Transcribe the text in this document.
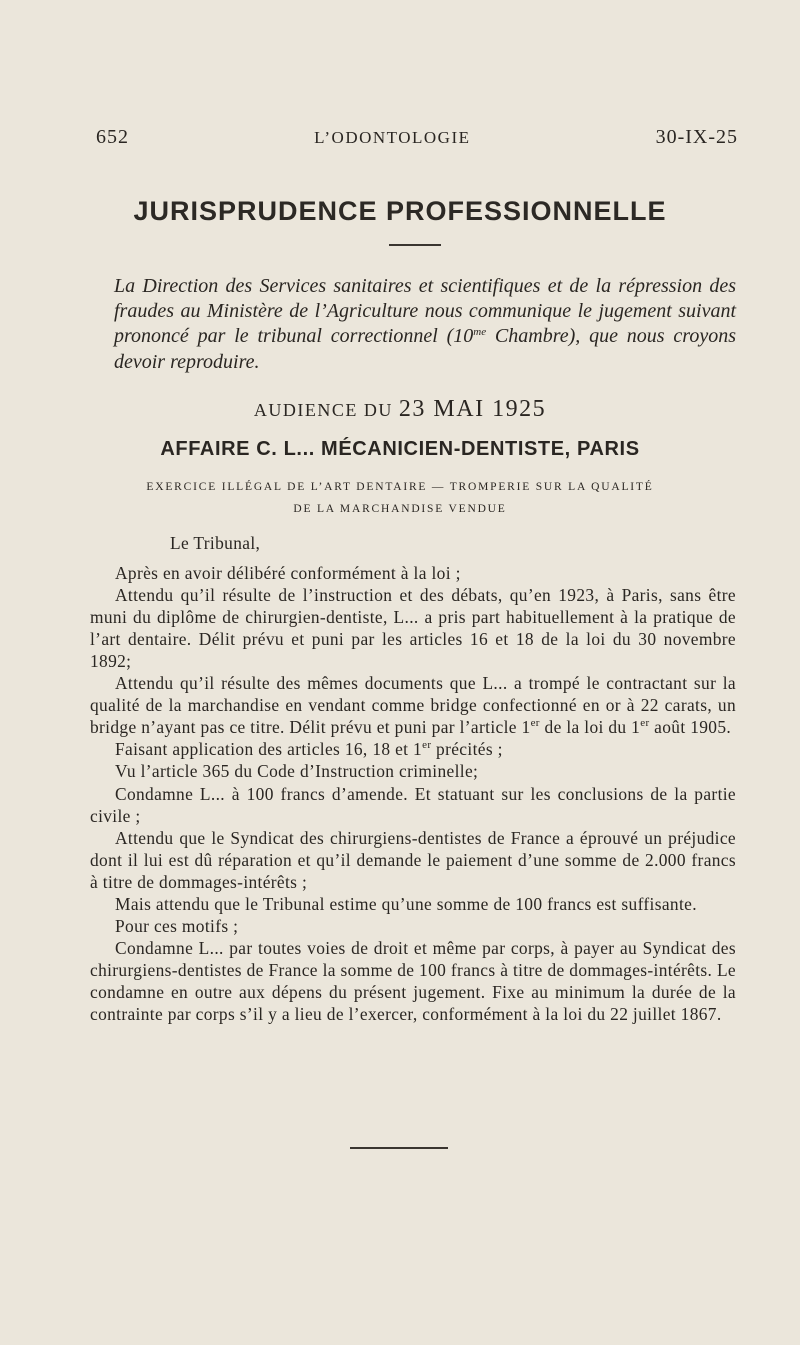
652	L’ODONTOLOGIE	30-IX-25
JURISPRUDENCE PROFESSIONNELLE
La Direction des Services sanitaires et scientifiques et de la répression des fraudes au Ministère de l’Agriculture nous communique le jugement suivant prononcé par le tribunal correctionnel ($10^{me}$ Chambre), que nous croyons devoir reproduire.
AUDIENCE DU 23 MAI 1925
AFFAIRE C. L... MÉCANICIEN-DENTISTE, PARIS
EXERCICE ILLÉGAL DE L’ART DENTAIRE — TROMPERIE SUR LA QUALITÉ
DE LA MARCHANDISE VENDUE

Le Tribunal,

Après en avoir délibéré conformément à la loi ;

Attendu qu’il résulte de l’instruction et des débats, qu’en 1923, à Paris, sans être muni du diplôme de chirurgien-dentiste, L... a pris part habituellement à la pratique de l’art dentaire. Délit prévu et puni par les articles 16 et 18 de la loi du 30 novembre 1892;

Attendu qu’il résulte des mêmes documents que L... a trompé le contractant sur la qualité de la marchandise en vendant comme bridge confectionné en or à 22 carats, un bridge n’ayant pas ce titre. Délit prévu et puni par l’article 1er de la loi du 1er août 1905.

Faisant application des articles 16, 18 et 1er précités ;

Vu l’article 365 du Code d’Instruction criminelle;

Condamne L... à 100 francs d’amende. Et statuant sur les conclusions de la partie civile ;

Attendu que le Syndicat des chirurgiens-dentistes de France a éprouvé un préjudice dont il lui est dû réparation et qu’il demande le paiement d’une somme de 2.000 francs à titre de dommages-intérêts ;

Mais attendu que le Tribunal estime qu’une somme de 100 francs est suffisante.

Pour ces motifs ;

Condamne L... par toutes voies de droit et même par corps, à payer au Syndicat des chirurgiens-dentistes de France la somme de 100 francs à titre de dommages-intérêts. Le condamne en outre aux dépens du présent jugement. Fixe au minimum la durée de la contrainte par corps s’il y a lieu de l’exercer, conformément à la loi du 22 juillet 1867.
